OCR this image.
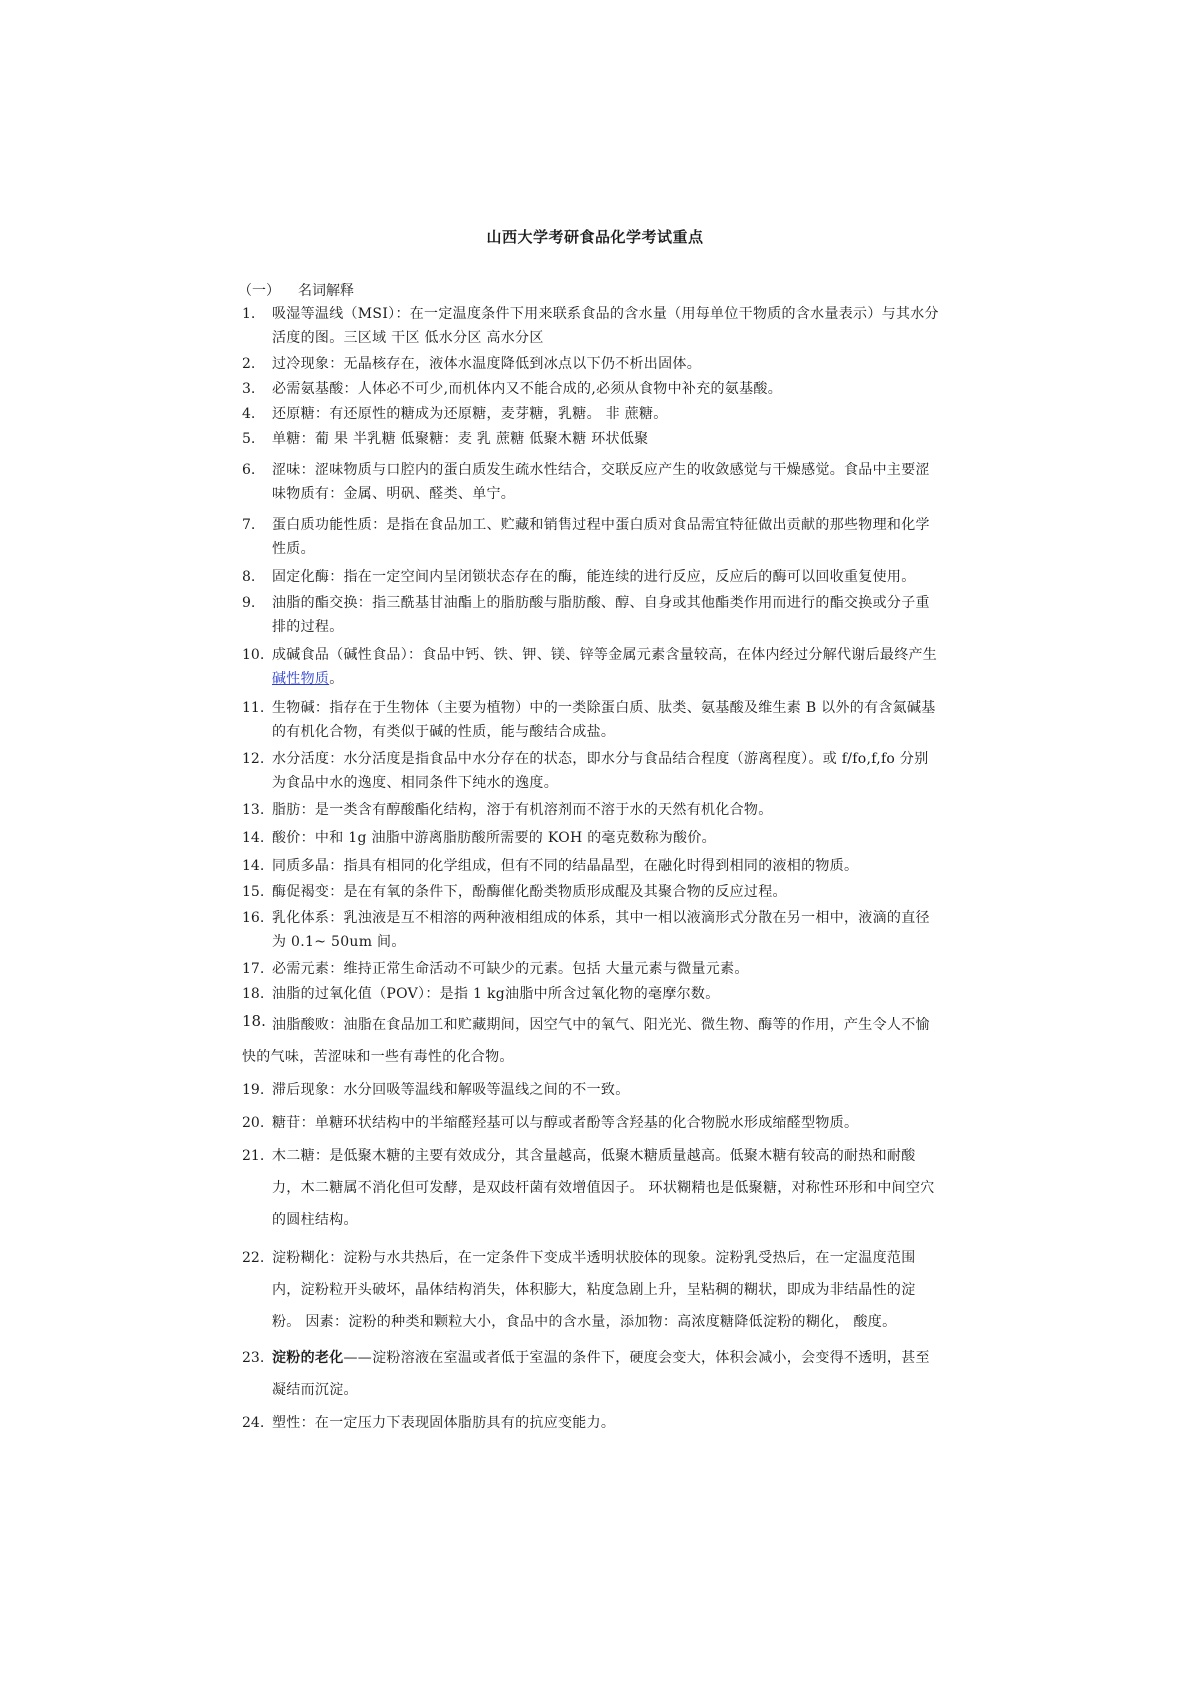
山西大学考研食品化学考试重点
（一） 名词解释
1.	吸湿等温线（MSI）：在一定温度条件下用来联系食品的含水量（用每单位干物质的含水量表示）与其水分活度的图。三区域 干区 低水分区 高水分区
2.	过冷现象：无晶核存在，液体水温度降低到冰点以下仍不析出固体。
3.	必需氨基酸：人体必不可少,而机体内又不能合成的,必须从食物中补充的氨基酸。
4.	还原糖：有还原性的糖成为还原糖，麦芽糖，乳糖。 非 蔗糖。
5.	单糖：葡 果 半乳糖 低聚糖：麦 乳 蔗糖 低聚木糖 环状低聚
6.	涩味：涩味物质与口腔内的蛋白质发生疏水性结合，交联反应产生的收敛感觉与干燥感觉。食品中主要涩味物质有：金属、明矾、醛类、单宁。
7.	蛋白质功能性质：是指在食品加工、贮藏和销售过程中蛋白质对食品需宜特征做出贡献的那些物理和化学性质。
8.	固定化酶：指在一定空间内呈闭锁状态存在的酶，能连续的进行反应，反应后的酶可以回收重复使用。
9.	油脂的酯交换：指三酰基甘油酯上的脂肪酸与脂肪酸、醇、自身或其他酯类作用而进行的酯交换或分子重排的过程。
10. 成碱食品（碱性食品）：食品中钙、铁、钾、镁、锌等金属元素含量较高，在体内经过分解代谢后最终产生碱性物质。
11. 生物碱：指存在于生物体（主要为植物）中的一类除蛋白质、肽类、氨基酸及维生素 B 以外的有含氮碱基的有机化合物，有类似于碱的性质，能与酸结合成盐。
12. 水分活度：水分活度是指食品中水分存在的状态，即水分与食品结合程度（游离程度）。或 f/fo,f,fo 分别为食品中水的逸度、相同条件下纯水的逸度。
13. 脂肪：是一类含有醇酸酯化结构，溶于有机溶剂而不溶于水的天然有机化合物。
14. 酸价：中和 1g 油脂中游离脂肪酸所需要的 KOH 的毫克数称为酸价。
14. 同质多晶：指具有相同的化学组成，但有不同的结晶晶型，在融化时得到相同的液相的物质。
15. 酶促褐变：是在有氧的条件下，酚酶催化酚类物质形成醌及其聚合物的反应过程。
16. 乳化体系：乳浊液是互不相溶的两种液相组成的体系，其中一相以液滴形式分散在另一相中，液滴的直径为 0.1~ 50um 间。
17. 必需元素：维持正常生命活动不可缺少的元素。包括 大量元素与微量元素。
18. 油脂的过氧化值（POV）：是指 1 kg油脂中所含过氧化物的毫摩尔数。
18. 油脂酸败：油脂在食品加工和贮藏期间，因空气中的氧气、阳光光、微生物、酶等的作用，产生令人不愉快的气味，苦涩味和一些有毒性的化合物。
19. 滞后现象：水分回吸等温线和解吸等温线之间的不一致。
20. 糖苷：单糖环状结构中的半缩醛羟基可以与醇或者酚等含羟基的化合物脱水形成缩醛型物质。
21. 木二糖：是低聚木糖的主要有效成分，其含量越高，低聚木糖质量越高。低聚木糖有较高的耐热和耐酸力，木二糖属不消化但可发酵，是双歧杆菌有效增值因子。 环状糊精也是低聚糖，对称性环形和中间空穴的圆柱结构。
22. 淀粉糊化：淀粉与水共热后，在一定条件下变成半透明状胶体的现象。淀粉乳受热后，在一定温度范围内，淀粉粒开头破坏，晶体结构消失，体积膨大，粘度急剧上升，呈粘稠的糊状，即成为非结晶性的淀粉。 因素：淀粉的种类和颗粒大小，食品中的含水量，添加物：高浓度糖降低淀粉的糊化， 酸度。
23. 淀粉的老化——淀粉溶液在室温或者低于室温的条件下，硬度会变大，体积会减小，会变得不透明，甚至凝结而沉淀。
24. 塑性：在一定压力下表现固体脂肪具有的抗应变能力。
